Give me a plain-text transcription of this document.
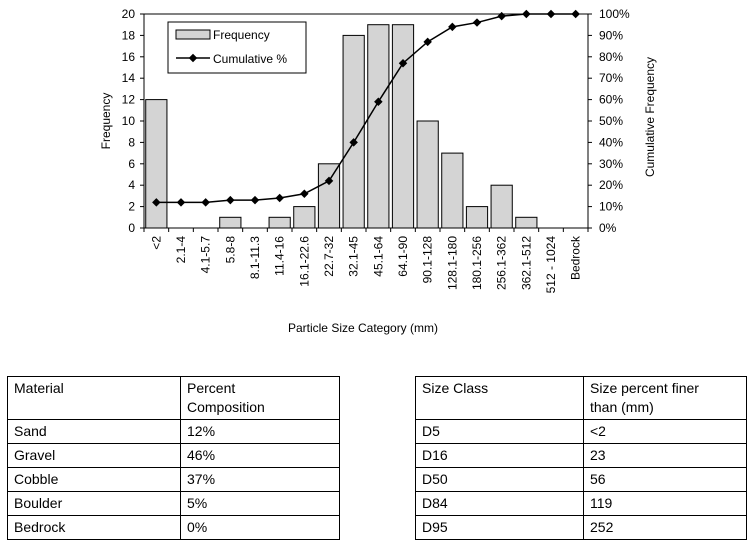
0
2
4
6
8
10
12
14
16
18
20
0%
10%
20%
30%
40%
50%
60%
70%
80%
90%
100%
<2 2.1-4 4.1-5.7 5.8-8 8.1-11.3 11.4-16 16.1-22.6 22.7-32 32.1-45 45.1-64 64.1-90 90.1-128 128.1-180 180.1-256 256.1-362 362.1-512 512 - 1024 Bedrock
Frequency	Cumulative Frequency
Particle Size Category (mm)
Frequency
Cumulative %
Material	Percent
Composition
Sand	12%
Gravel	46%
Cobble	37%
Boulder	5%
Bedrock	0%
Size Class	Size percent finer
than (mm)
D5	<2
D16	23
D50	56
D84	119
D95	252
